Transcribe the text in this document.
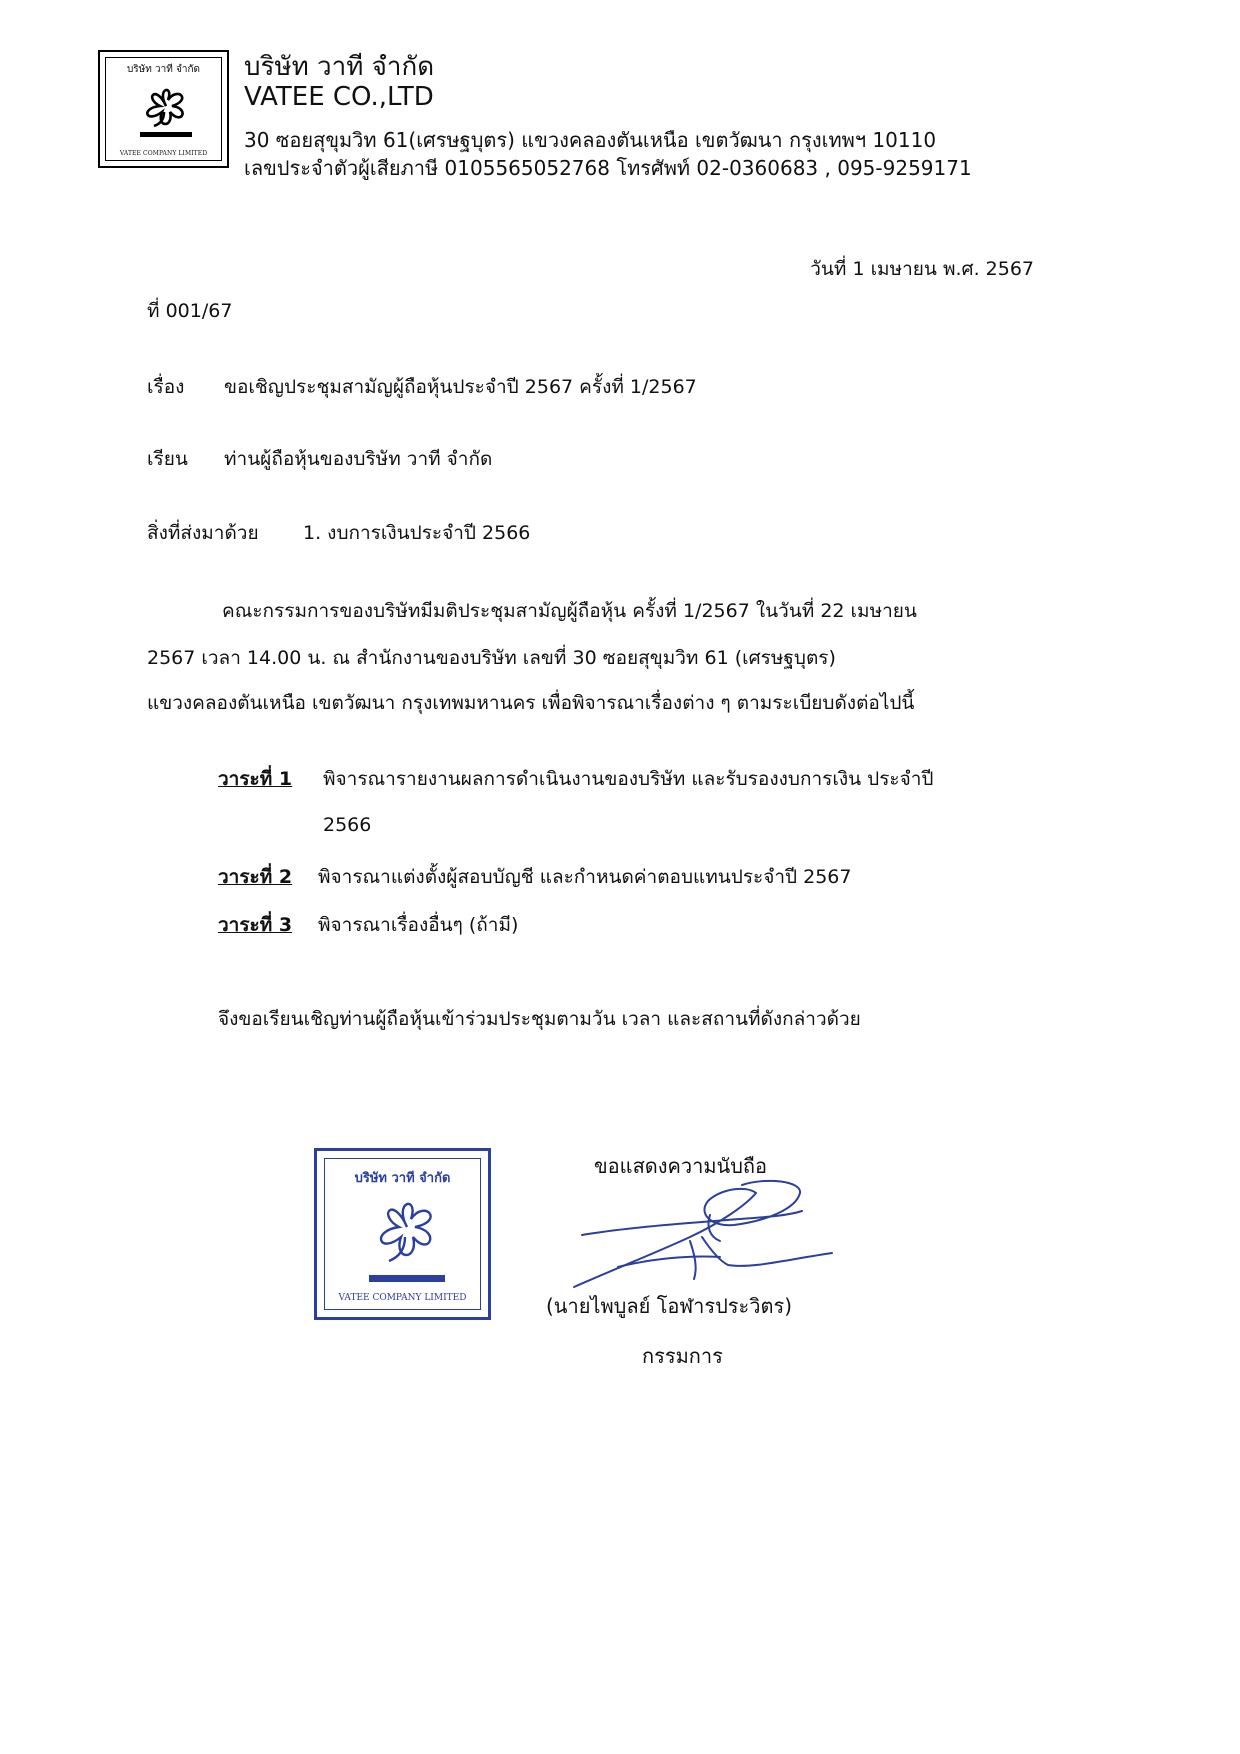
บริษัท วาที จำกัด
VATEE COMPANY LIMITED
บริษัท วาที จำกัด
VATEE CO.,LTD
30 ซอยสุขุมวิท 61(เศรษฐบุตร) แขวงคลองตันเหนือ เขตวัฒนา กรุงเทพฯ 10110
เลขประจำตัวผู้เสียภาษี 0105565052768 โทรศัพท์ 02-0360683 , 095-9259171
วันที่ 1 เมษายน พ.ศ. 2567
ที่ 001/67
เรื่อง ขอเชิญประชุมสามัญผู้ถือหุ้นประจำปี 2567 ครั้งที่ 1/2567
เรียน ท่านผู้ถือหุ้นของบริษัท วาที จำกัด
สิ่งที่ส่งมาด้วย 1. งบการเงินประจำปี 2566
คณะกรรมการของบริษัทมีมติประชุมสามัญผู้ถือหุ้น ครั้งที่ 1/2567 ในวันที่ 22 เมษายน
2567 เวลา 14.00 น. ณ สำนักงานของบริษัท เลขที่ 30 ซอยสุขุมวิท 61 (เศรษฐบุตร)
แขวงคลองตันเหนือ เขตวัฒนา กรุงเทพมหานคร เพื่อพิจารณาเรื่องต่าง ๆ ตามระเบียบดังต่อไปนี้
วาระที่ 1 พิจารณารายงานผลการดำเนินงานของบริษัท และรับรองงบการเงิน ประจำปี
2566
วาระที่ 2 พิจารณาแต่งตั้งผู้สอบบัญชี และกำหนดค่าตอบแทนประจำปี 2567
วาระที่ 3 พิจารณาเรื่องอื่นๆ (ถ้ามี)
จึงขอเรียนเชิญท่านผู้ถือหุ้นเข้าร่วมประชุมตามวัน เวลา และสถานที่ดังกล่าวด้วย
บริษัท วาที จำกัด
VATEE COMPANY LIMITED
ขอแสดงความนับถือ
(นายไพบูลย์ โอฬารประวิตร)
กรรมการ
